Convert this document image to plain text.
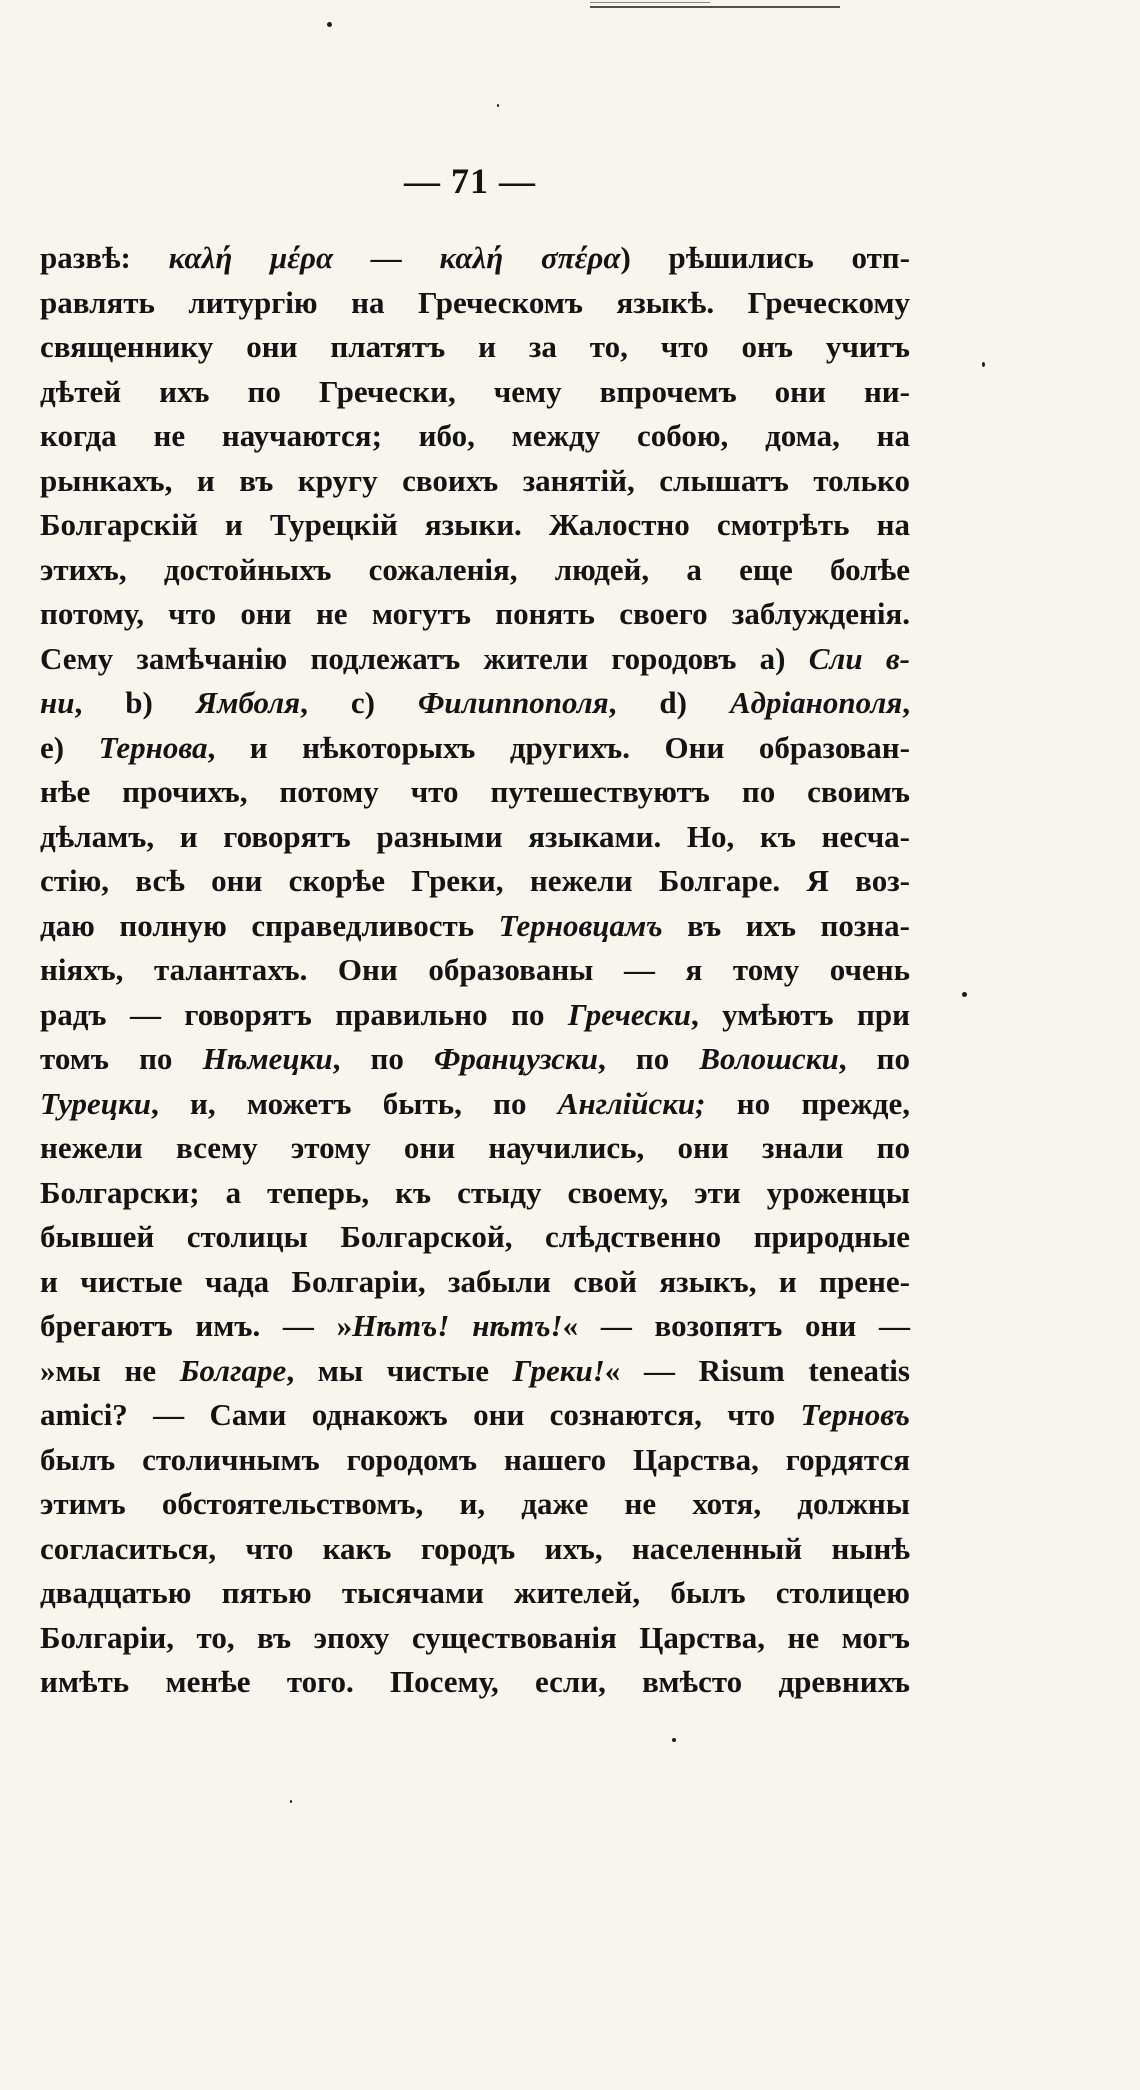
— 71 —
развѣ: καλή μέρα — καλή σπέρα) рѣшились отп-
равлять литургію на Греческомъ языкѣ. Греческому
священнику они платятъ и за то, что онъ учитъ
дѣтей ихъ по Гречески, чему впрочемъ они ни-
когда не научаются; ибо, между собою, дома, на
рынкахъ, и въ кругу своихъ занятій, слышатъ только
Болгарскій и Турецкій языки. Жалостно смотрѣть на
этихъ, достойныхъ сожаленія, людей, а еще болѣе
потому, что они не могутъ понять своего заблужденія.
Сему замѣчанію подлежатъ жители городовъ a) Сли в-
ни, b) Ямболя, c) Филиппополя, d) Адріанополя,
e) Тернова, и нѣкоторыхъ другихъ. Они образован-
нѣе прочихъ, потому что путешествуютъ по своимъ
дѣламъ, и говорятъ разными языками. Но, къ несча-
стію, всѣ они скорѣе Греки, нежели Болгаре. Я воз-
даю полную справедливость Терновцамъ въ ихъ позна-
ніяхъ, талантахъ. Они образованы — я тому очень
радъ — говорятъ правильно по Гречески, умѣютъ при
томъ по Нѣмецки, по Французски, по Волошски, по
Турецки, и, можетъ быть, по Англійски; но прежде,
нежели всему этому они научились, они знали по
Болгарски; а теперь, къ стыду своему, эти уроженцы
бывшей столицы Болгарской, слѣдственно природные
и чистые чада Болгаріи, забыли свой языкъ, и прене-
брегаютъ имъ. — »Нѣтъ! нѣтъ!« — возопятъ они —
»мы не Болгаре, мы чистые Греки!« — Risum teneatis
amici? — Сами однакожъ они сознаются, что Терновъ
былъ столичнымъ городомъ нашего Царства, гордятся
этимъ обстоятельствомъ, и, даже не хотя, должны
согласиться, что какъ городъ ихъ, населенный нынѣ
двадцатью пятью тысячами жителей, былъ столицею
Болгаріи, то, въ эпоху существованія Царства, не могъ
имѣть менѣе того. Посему, если, вмѣсто древнихъ
